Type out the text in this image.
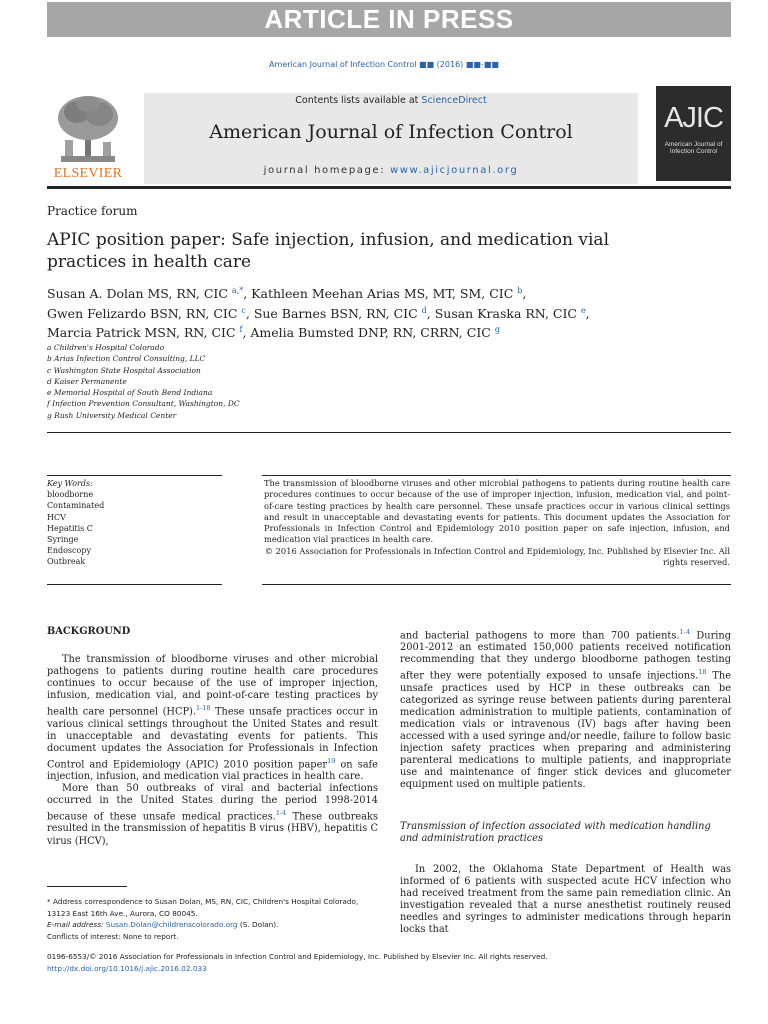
ARTICLE IN PRESS
American Journal of Infection Control ■■ (2016) ■■-■■
ELSEVIER
Contents lists available at ScienceDirect
American Journal of Infection Control
journal homepage: www.ajicjournal.org
AJIC
American Journal of Infection Control
Practice forum
APIC position paper: Safe injection, infusion, and medication vial practices in health care
Susan A. Dolan MS, RN, CIC $^{a,*}$, Kathleen Meehan Arias MS, MT, SM, CIC $^b$,
Gwen Felizardo BSN, RN, CIC $^c$, Sue Barnes BSN, RN, CIC $^d$, Susan Kraska RN, CIC $^e$,
Marcia Patrick MSN, RN, CIC $^f$, Amelia Bumsted DNP, RN, CRRN, CIC $^g$
a Children's Hospital Colorado
b Arias Infection Control Consulting, LLC
c Washington State Hospital Association
d Kaiser Permanente
e Memorial Hospital of South Bend Indiana
f Infection Prevention Consultant, Washington, DC
g Rush University Medical Center
Key Words:
bloodborne
Contaminated
HCV
Hepatitis C
Syringe
Endoscopy
Outbreak
The transmission of bloodborne viruses and other microbial pathogens to patients during routine health care procedures continues to occur because of the use of improper injection, infusion, medication vial, and point-of-care testing practices by health care personnel. These unsafe practices occur in various clinical settings and result in unacceptable and devastating events for patients. This document updates the Association for Professionals in Infection Control and Epidemiology 2010 position paper on safe injection, infusion, and medication vial practices in health care.
© 2016 Association for Professionals in Infection Control and Epidemiology, Inc. Published by Elsevier Inc. All rights reserved.
BACKGROUND

The transmission of bloodborne viruses and other microbial pathogens to patients during routine health care procedures continues to occur because of the use of improper injection, infusion, medication vial, and point-of-care testing practices by health care personnel (HCP).$^{1-18}$ These unsafe practices occur in various clinical settings throughout the United States and result in unacceptable and devastating events for patients. This document updates the Association for Professionals in Infection Control and Epidemiology (APIC) 2010 position paper$^{19}$ on safe injection, infusion, and medication vial practices in health care.

More than 50 outbreaks of viral and bacterial infections occurred in the United States during the period 1998-2014 because of these unsafe medical practices.$^{1-4}$ These outbreaks resulted in the transmission of hepatitis B virus (HBV), hepatitis C virus (HCV),

and bacterial pathogens to more than 700 patients.$^{1-4}$ During 2001-2012 an estimated 150,000 patients received notification recommending that they undergo bloodborne pathogen testing after they were potentially exposed to unsafe injections.$^{18}$ The unsafe practices used by HCP in these outbreaks can be categorized as syringe reuse between patients during parenteral medication administration to multiple patients, contamination of medication vials or intravenous (IV) bags after having been accessed with a used syringe and/or needle, failure to follow basic injection safety practices when preparing and administering parenteral medications to multiple patients, and inappropriate use and maintenance of finger stick devices and glucometer equipment used on multiple patients.

Transmission of infection associated with medication handling and administration practices

In 2002, the Oklahoma State Department of Health was informed of 6 patients with suspected acute HCV infection who had received treatment from the same pain remediation clinic. An investigation revealed that a nurse anesthetist routinely reused needles and syringes to administer medications through heparin locks that

* Address correspondence to Susan Dolan, MS, RN, CIC, Children's Hospital Colorado, 13123 East 16th Ave., Aurora, CO 80045.
E-mail address: Susan.Dolan@childrenscolorado.org (S. Dolan).
Conflicts of interest: None to report.
0196-6553/© 2016 Association for Professionals in Infection Control and Epidemiology, Inc. Published by Elsevier Inc. All rights reserved.
http://dx.doi.org/10.1016/j.ajic.2016.02.033
